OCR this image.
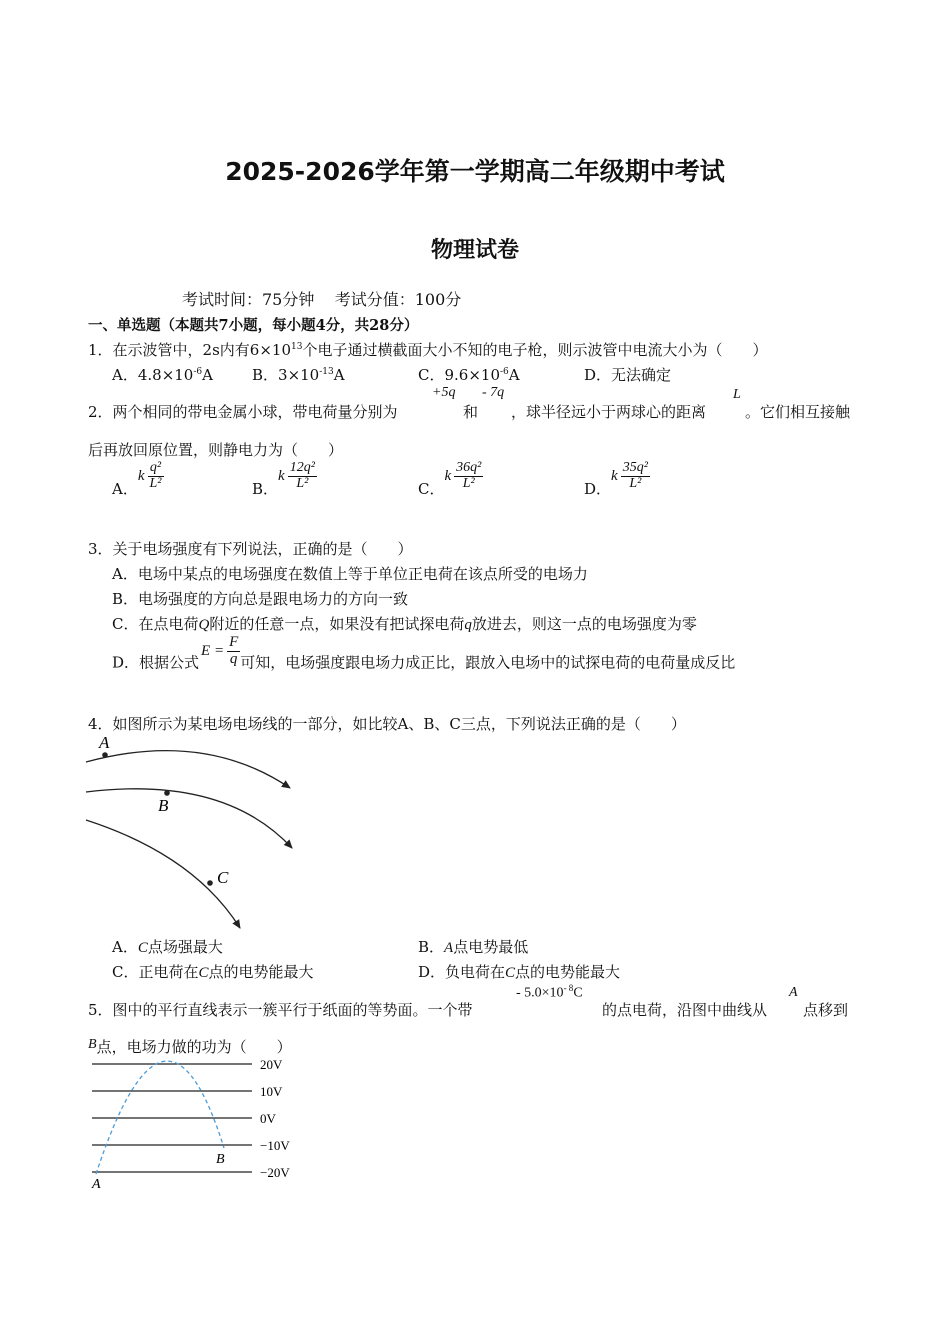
2025-2026学年第一学期高二年级期中考试
物理试卷
考试时间：75分钟    考试分值：100分
一、单选题（本题共7小题，每小题4分，共28分）
1．在示波管中，2s内有$6\times 10^{13}$个电子通过横截面大小不知的电子枪，则示波管中电流大小为（　　）
A．$4.8\times 10^{-6}A$	B．$3\times 10^{-13}A$	C．$9.6\times 10^{-6}A$	D．无法确定
2．两个相同的带电金属小球，带电荷量分别为
+5q
和
- 7q
，球半径远小于两球心的距离
L
。它们相互接触
后再放回原位置，则静电力为（　　）
A．k $\frac{\text{q²}}{\text{L²}}$	B．k $\frac{\text{12q²}}{\text{L²}}$	C．k $\frac{\text{36q²}}{\text{L²}}$	D．k $\frac{\text{35q²}}{\text{L²}}$
3．关于电场强度有下列说法，正确的是（　　）
A．电场中某点的电场强度在数值上等于单位正电荷在该点所受的电场力
B．电场强度的方向总是跟电场力的方向一致
C．在点电荷Q附近的任意一点，如果没有把试探电荷q放进去，则这一点的电场强度为零
D．根据公式$E = \frac{F}{q}$ 可知，电场强度跟电场力成正比，跟放入电场中的试探电荷的电荷量成反比
4．如图所示为某电场电场线的一部分，如比较A、B、C三点，下列说法正确的是（　　）
A
B
C
A．C点场强最大	B．A点电势最低
C．正电荷在C点的电势能最大	D．负电荷在C点的电势能最大
5．图中的平行直线表示一簇平行于纸面的等势面。一个带
- $5.0\times 10^{- 8}C$
的点电荷，沿图中曲线从
A
点移到
B点，电场力做的功为（　　）
20V
10V
0V
−10V
−20V
A
B
